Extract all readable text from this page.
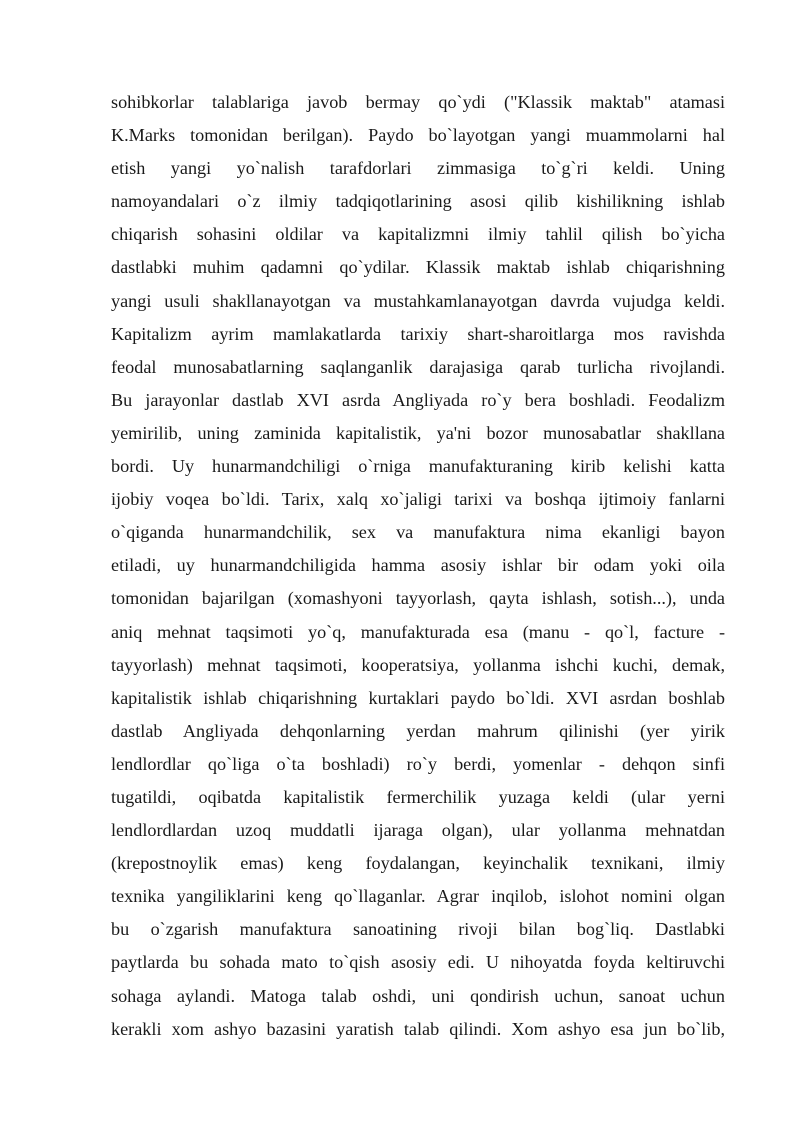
sohibkorlar talablariga javob bermay qo`ydi ("Klassik maktab" atamasi
K.Marks tomonidan berilgan). Paydo bo`layotgan yangi muammolarni hal
etish yangi yo`nalish tarafdorlari zimmasiga to`g`ri keldi. Uning
namoyandalari o`z ilmiy tadqiqotlarining asosi qilib kishilikning ishlab
chiqarish sohasini oldilar va kapitalizmni ilmiy tahlil qilish bo`yicha
dastlabki muhim qadamni qo`ydilar. Klassik maktab ishlab chiqarishning
yangi usuli shakllanayotgan va mustahkamlanayotgan davrda vujudga keldi.
Kapitalizm ayrim mamlakatlarda tarixiy shart-sharoitlarga mos ravishda
feodal munosabatlarning saqlanganlik darajasiga qarab turlicha rivojlandi.
Bu jarayonlar dastlab XVI asrda Angliyada ro`y bera boshladi. Feodalizm
yemirilib, uning zaminida kapitalistik, ya'ni bozor munosabatlar shakllana
bordi. Uy hunarmandchiligi o`rniga manufakturaning kirib kelishi katta
ijobiy voqea bo`ldi. Tarix, xalq xo`jaligi tarixi va boshqa ijtimoiy fanlarni
o`qiganda hunarmandchilik, sex va manufaktura nima ekanligi bayon
etiladi, uy hunarmandchiligida hamma asosiy ishlar bir odam yoki oila
tomonidan bajarilgan (xomashyoni tayyorlash, qayta ishlash, sotish...), unda
aniq mehnat taqsimoti yo`q, manufakturada esa (manu - qo`l, facture -
tayyorlash) mehnat taqsimoti, kooperatsiya, yollanma ishchi kuchi, demak,
kapitalistik ishlab chiqarishning kurtaklari paydo bo`ldi. XVI asrdan boshlab
dastlab Angliyada dehqonlarning yerdan mahrum qilinishi (yer yirik
lendlordlar qo`liga o`ta boshladi) ro`y berdi, yomenlar - dehqon sinfi
tugatildi, oqibatda kapitalistik fermerchilik yuzaga keldi (ular yerni
lendlordlardan uzoq muddatli ijaraga olgan), ular yollanma mehnatdan
(krepostnoylik emas) keng foydalangan, keyinchalik texnikani, ilmiy
texnika yangiliklarini keng qo`llaganlar. Agrar inqilob, islohot nomini olgan
bu o`zgarish manufaktura sanoatining rivoji bilan bog`liq. Dastlabki
paytlarda bu sohada mato to`qish asosiy edi. U nihoyatda foyda keltiruvchi
sohaga aylandi. Matoga talab oshdi, uni qondirish uchun, sanoat uchun
kerakli xom ashyo bazasini yaratish talab qilindi. Xom ashyo esa jun bo`lib,
